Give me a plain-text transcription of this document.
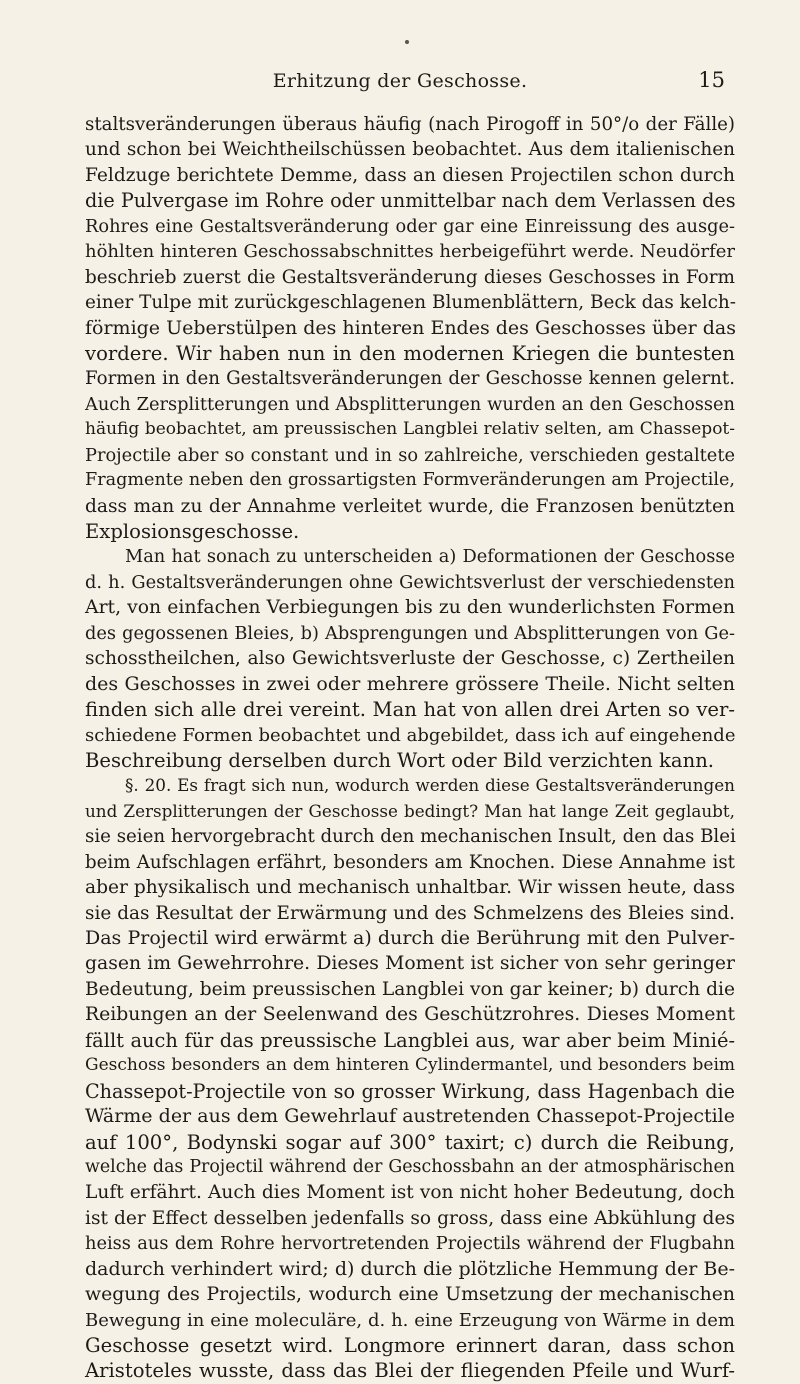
Erhitzung der Geschosse.	15
staltsveränderungen überaus häufig (nach Pirogoff in 50°/o der Fälle)
und schon bei Weichtheilschüssen beobachtet. Aus dem italienischen
Feldzuge berichtete Demme, dass an diesen Projectilen schon durch
die Pulvergase im Rohre oder unmittelbar nach dem Verlassen des
Rohres eine Gestaltsveränderung oder gar eine Einreissung des ausge-
höhlten hinteren Geschossabschnittes herbeigeführt werde. Neudörfer
beschrieb zuerst die Gestaltsveränderung dieses Geschosses in Form
einer Tulpe mit zurückgeschlagenen Blumenblättern, Beck das kelch-
förmige Ueberstülpen des hinteren Endes des Geschosses über das
vordere. Wir haben nun in den modernen Kriegen die buntesten
Formen in den Gestaltsveränderungen der Geschosse kennen gelernt.
Auch Zersplitterungen und Absplitterungen wurden an den Geschossen
häufig beobachtet, am preussischen Langblei relativ selten, am Chassepot-
Projectile aber so constant und in so zahlreiche, verschieden gestaltete
Fragmente neben den grossartigsten Formveränderungen am Projectile,
dass man zu der Annahme verleitet wurde, die Franzosen benützten
Explosionsgeschosse.
Man hat sonach zu unterscheiden a) Deformationen der Geschosse
d. h. Gestaltsveränderungen ohne Gewichtsverlust der verschiedensten
Art, von einfachen Verbiegungen bis zu den wunderlichsten Formen
des gegossenen Bleies, b) Absprengungen und Absplitterungen von Ge-
schosstheilchen, also Gewichtsverluste der Geschosse, c) Zertheilen
des Geschosses in zwei oder mehrere grössere Theile. Nicht selten
finden sich alle drei vereint. Man hat von allen drei Arten so ver-
schiedene Formen beobachtet und abgebildet, dass ich auf eingehende
Beschreibung derselben durch Wort oder Bild verzichten kann.
§. 20. Es fragt sich nun, wodurch werden diese Gestaltsveränderungen
und Zersplitterungen der Geschosse bedingt? Man hat lange Zeit geglaubt,
sie seien hervorgebracht durch den mechanischen Insult, den das Blei
beim Aufschlagen erfährt, besonders am Knochen. Diese Annahme ist
aber physikalisch und mechanisch unhaltbar. Wir wissen heute, dass
sie das Resultat der Erwärmung und des Schmelzens des Bleies sind.
Das Projectil wird erwärmt a) durch die Berührung mit den Pulver-
gasen im Gewehrrohre. Dieses Moment ist sicher von sehr geringer
Bedeutung, beim preussischen Langblei von gar keiner; b) durch die
Reibungen an der Seelenwand des Geschützrohres. Dieses Moment
fällt auch für das preussische Langblei aus, war aber beim Minié-
Geschoss besonders an dem hinteren Cylindermantel, und besonders beim
Chassepot-Projectile von so grosser Wirkung, dass Hagenbach die
Wärme der aus dem Gewehrlauf austretenden Chassepot-Projectile
auf 100°, Bodynski sogar auf 300° taxirt; c) durch die Reibung,
welche das Projectil während der Geschossbahn an der atmosphärischen
Luft erfährt. Auch dies Moment ist von nicht hoher Bedeutung, doch
ist der Effect desselben jedenfalls so gross, dass eine Abkühlung des
heiss aus dem Rohre hervortretenden Projectils während der Flugbahn
dadurch verhindert wird; d) durch die plötzliche Hemmung der Be-
wegung des Projectils, wodurch eine Umsetzung der mechanischen
Bewegung in eine moleculäre, d. h. eine Erzeugung von Wärme in dem
Geschosse gesetzt wird. Longmore erinnert daran, dass schon
Aristoteles wusste, dass das Blei der fliegenden Pfeile und Wurf-
